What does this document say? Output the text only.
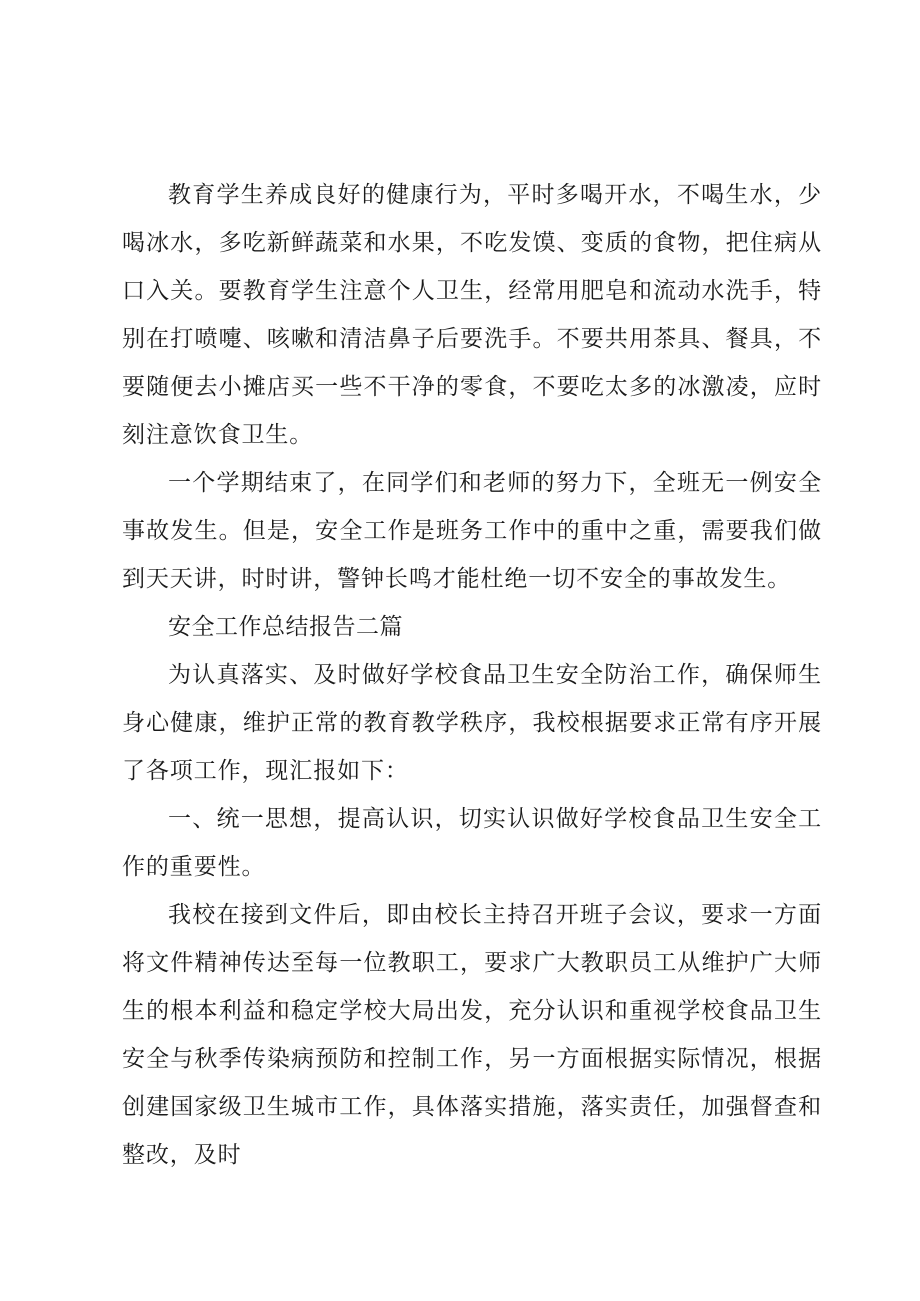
教育学生养成良好的健康行为，平时多喝开水，不喝生水，少喝冰水，多吃新鲜蔬菜和水果，不吃发馍、变质的食物，把住病从口入关。要教育学生注意个人卫生，经常用肥皂和流动水洗手，特别在打喷嚏、咳嗽和清洁鼻子后要洗手。不要共用茶具、餐具，不要随便去小摊店买一些不干净的零食，不要吃太多的冰激凌，应时刻注意饮食卫生。

一个学期结束了，在同学们和老师的努力下，全班无一例安全事故发生。但是，安全工作是班务工作中的重中之重，需要我们做到天天讲，时时讲，警钟长鸣才能杜绝一切不安全的事故发生。

安全工作总结报告二篇

为认真落实、及时做好学校食品卫生安全防治工作，确保师生身心健康，维护正常的教育教学秩序，我校根据要求正常有序开展了各项工作，现汇报如下：

一、统一思想，提高认识，切实认识做好学校食品卫生安全工作的重要性。

我校在接到文件后，即由校长主持召开班子会议，要求一方面将文件精神传达至每一位教职工，要求广大教职员工从维护广大师生的根本利益和稳定学校大局出发，充分认识和重视学校食品卫生安全与秋季传染病预防和控制工作，另一方面根据实际情况，根据创建国家级卫生城市工作，具体落实措施，落实责任，加强督查和整改，及时
